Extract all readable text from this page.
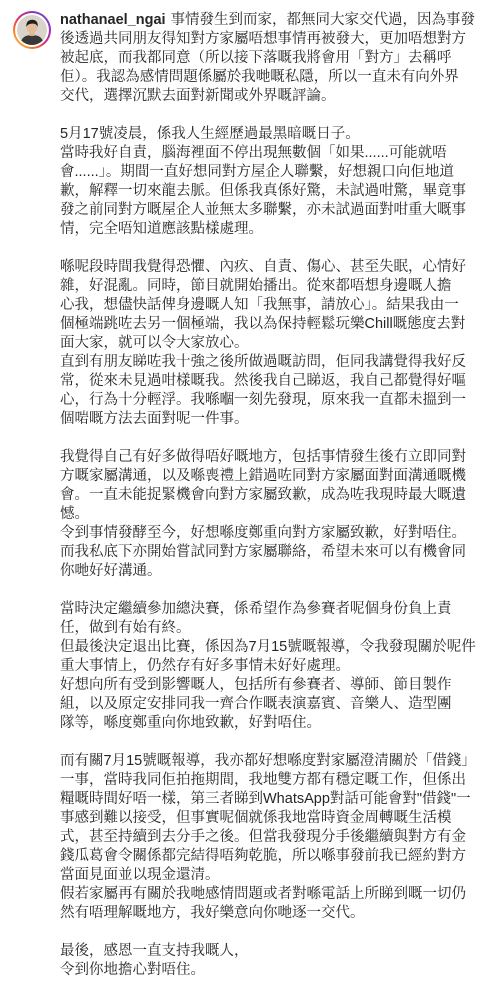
nathanael_ngai 事情發生到而家，都無同大家交代過，因為事發
後透過共同朋友得知對方家屬唔想事情再被發大，更加唔想對方
被起底，而我都同意（所以接下落嘅我將會用「對方」去稱呼
佢）。我認為感情問題係屬於我哋嘅私隱，所以一直未有向外界
交代，選擇沉默去面對新聞或外界嘅評論。
5月17號凌晨，係我人生經歷過最黑暗嘅日子。
當時我好自責，腦海裡面不停出現無數個「如果......可能就唔
會......」。期間一直好想同對方屋企人聯繫，好想親口向佢地道
歉，解釋一切來龍去脈。但係我真係好驚，未試過咁驚，畢竟事
發之前同對方嘅屋企人並無太多聯繫，亦未試過面對咁重大嘅事
情，完全唔知道應該點樣處理。
喺呢段時間我覺得恐懼、內疚、自責、傷心、甚至失眠，心情好
雜，好混亂。同時，節目就開始播出。從來都唔想身邊嘅人擔
心我，想儘快話俾身邊嘅人知「我無事，請放心」。結果我由一
個極端跳咗去另一個極端，我以為保持輕鬆玩樂Chill嘅態度去對
面大家，就可以令大家放心。
直到有朋友睇咗我十強之後所做過嘅訪問，佢同我講覺得我好反
常，從來未見過咁樣嘅我。然後我自己睇返，我自己都覺得好嘔
心，行為十分輕浮。我喺嗰一刻先發現，原來我一直都未搵到一
個啱嘅方法去面對呢一件事。
我覺得自己有好多做得唔好嘅地方，包括事情發生後冇立即同對
方嘅家屬溝通，以及喺喪禮上錯過咗同對方家屬面對面溝通嘅機
會。一直未能捉緊機會向對方家屬致歉，成為咗我現時最大嘅遺
憾。
令到事情發酵至今，好想喺度鄭重向對方家屬致歉，好對唔住。
而我私底下亦開始嘗試同對方家屬聯絡，希望未來可以有機會同
你哋好好溝通。
當時決定繼續參加總決賽，係希望作為參賽者呢個身份負上責
任，做到有始有終。
但最後決定退出比賽，係因為7月15號嘅報導，令我發現關於呢件
重大事情上，仍然存有好多事情未好好處理。
好想向所有受到影響嘅人，包括所有參賽者、導師、節目製作
組，以及原定安排同我一齊合作嘅表演嘉賓、音樂人、造型團
隊等，喺度鄭重向你地致歉，好對唔住。
而有關7月15號嘅報導，我亦都好想喺度對家屬澄清關於「借錢」
一事，當時我同佢拍拖期間，我地雙方都有穩定嘅工作，但係出
糧嘅時間好唔一樣，第三者睇到WhatsApp對話可能會對"借錢"一
事感到難以接受，但事實呢個就係我地當時資金周轉嘅生活模
式，甚至持續到去分手之後。但當我發現分手後繼續與對方有金
錢瓜葛會令關係都完結得唔夠乾脆，所以喺事發前我已經約對方
當面見面並以現金還清。
假若家屬再有關於我哋感情問題或者對喺電話上所睇到嘅一切仍
然有唔理解嘅地方，我好樂意向你哋逐一交代。
最後，感恩一直支持我嘅人，
令到你地擔心對唔住。
